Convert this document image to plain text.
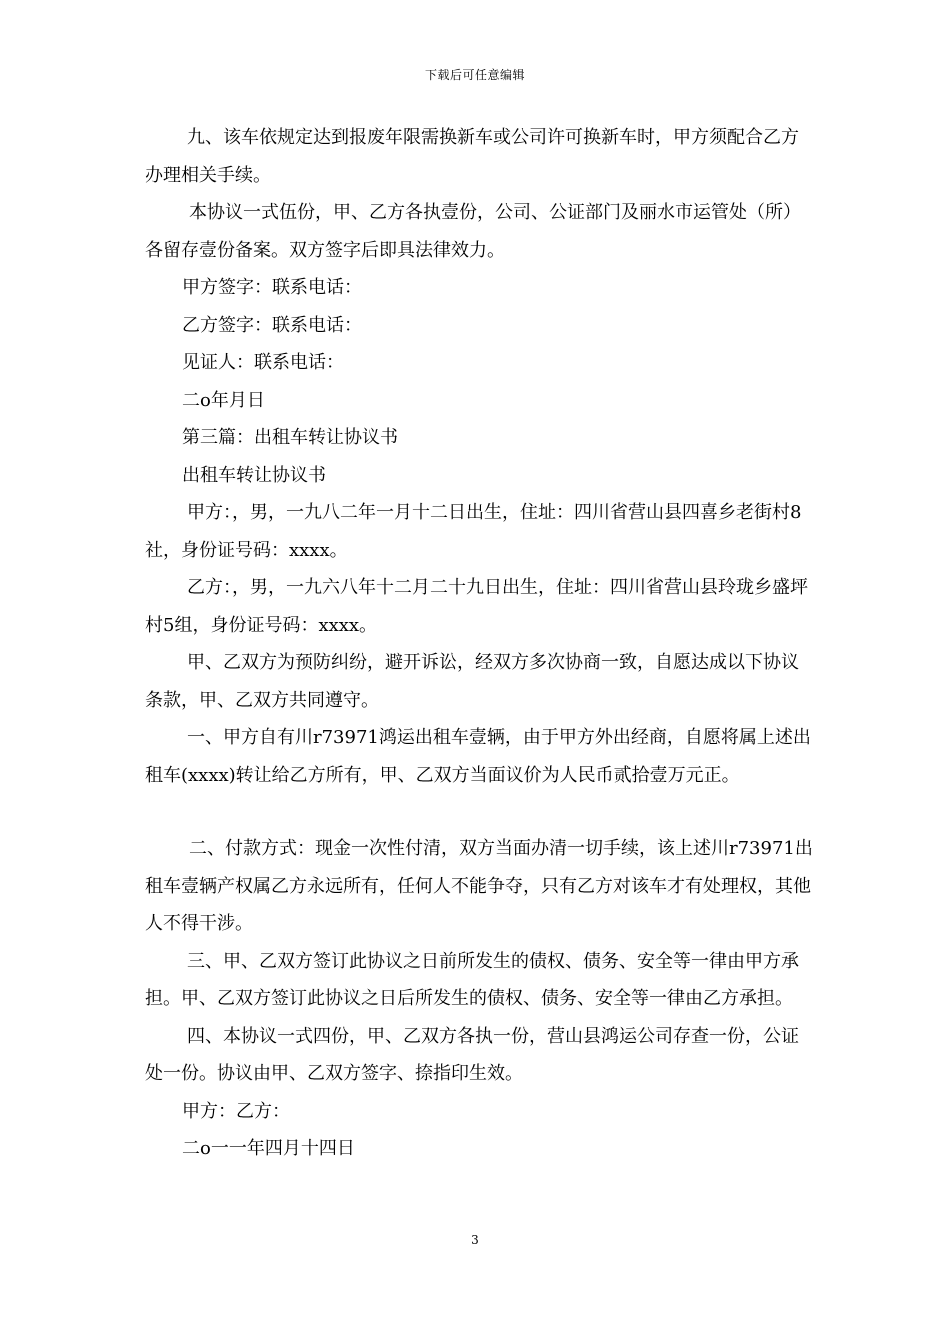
下载后可任意编辑

九、该车依规定达到报废年限需换新车或公司许可换新车时，甲方须配合乙方办理相关手续。

本协议一式伍份，甲、乙方各执壹份，公司、公证部门及丽水市运管处（所）各留存壹份备案。双方签字后即具法律效力。

甲方签字：联系电话：

乙方签字：联系电话：

见证人：联系电话：

二o年月日

第三篇：出租车转让协议书

出租车转让协议书

甲方：，男，一九八二年一月十二日出生，住址：四川省营山县四喜乡老街村8社，身份证号码：xxxx。

乙方：，男，一九六八年十二月二十九日出生，住址：四川省营山县玲珑乡盛坪村5组，身份证号码：xxxx。

甲、乙双方为预防纠纷，避开诉讼，经双方多次协商一致，自愿达成以下协议条款，甲、乙双方共同遵守。

一、甲方自有川r73971鸿运出租车壹辆，由于甲方外出经商，自愿将属上述出租车(xxxx)转让给乙方所有，甲、乙双方当面议价为人民币贰拾壹万元正。

二、付款方式：现金一次性付清，双方当面办清一切手续，该上述川r73971出租车壹辆产权属乙方永远所有，任何人不能争夺，只有乙方对该车才有处理权，其他人不得干涉。

三、甲、乙双方签订此协议之日前所发生的债权、债务、安全等一律由甲方承担。甲、乙双方签订此协议之日后所发生的债权、债务、安全等一律由乙方承担。

四、本协议一式四份，甲、乙双方各执一份，营山县鸿运公司存查一份，公证处一份。协议由甲、乙双方签字、捺指印生效。

甲方：乙方：

二o一一年四月十四日

3
